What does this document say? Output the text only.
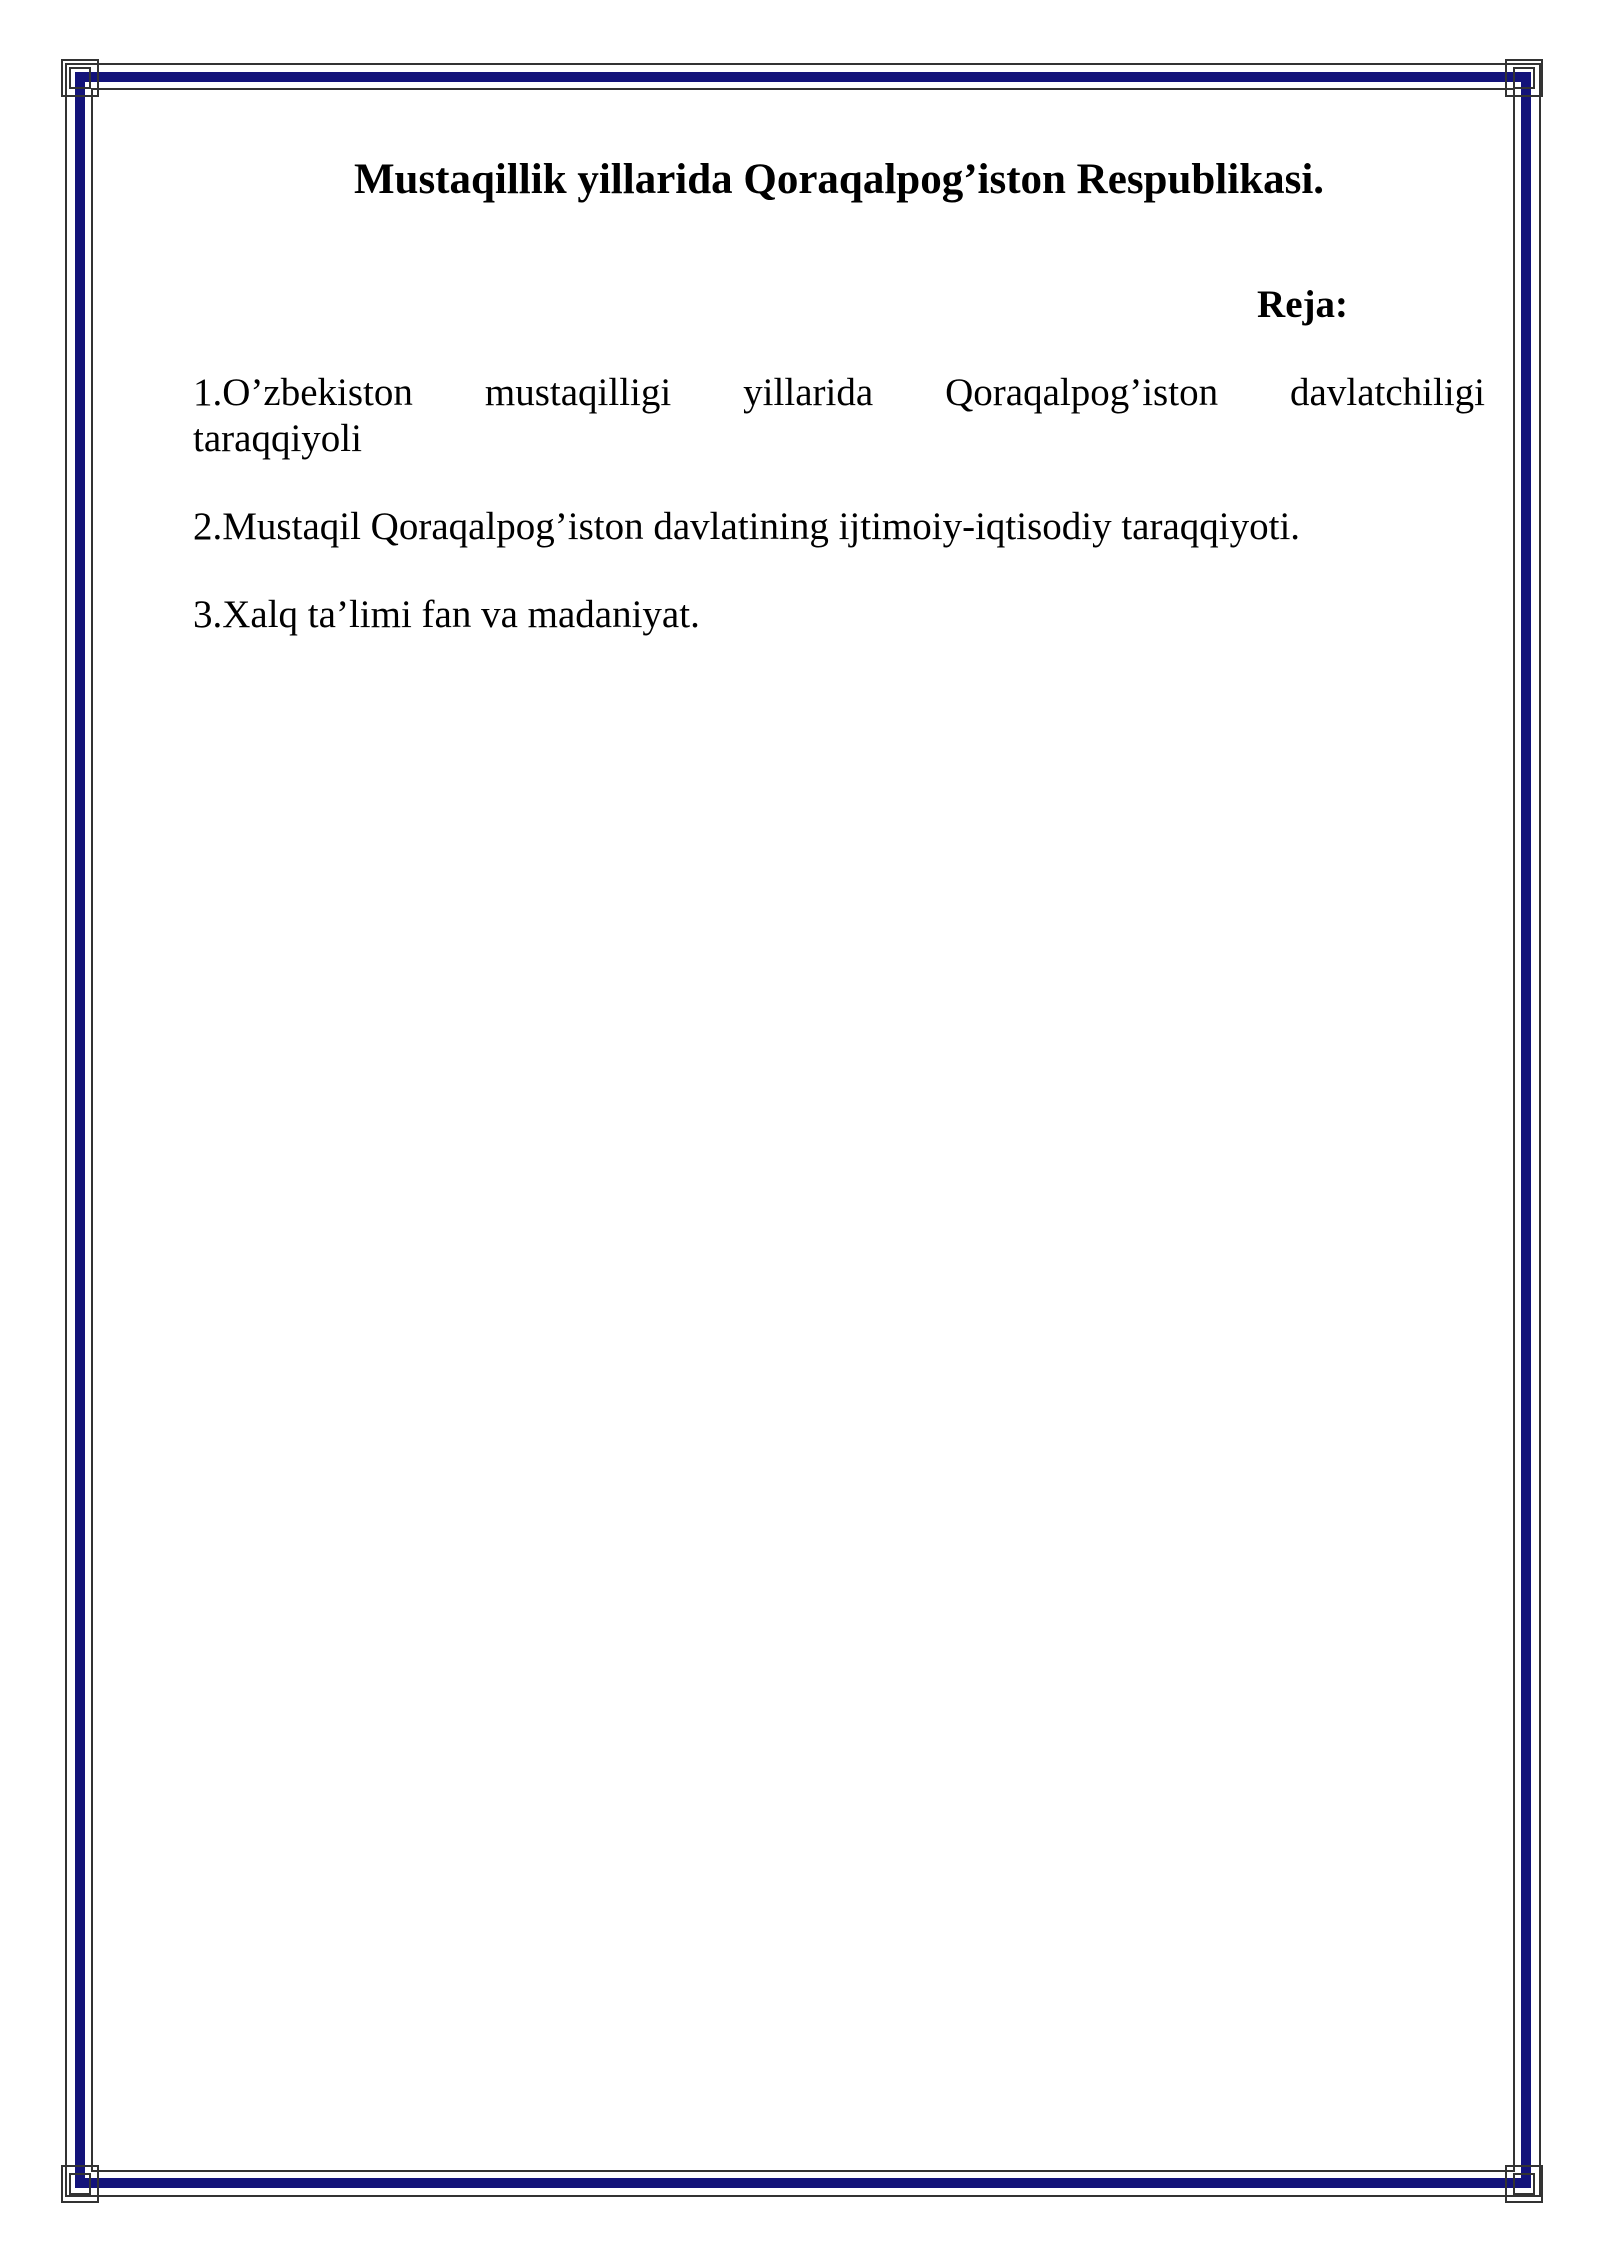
Mustaqillik yillarida Qoraqalpog’iston Respublikasi.
Reja:
1.O’zbekiston mustaqilligi yillarida Qoraqalpog’iston davlatchiligi
taraqqiyoli
2.Mustaqil Qoraqalpog’iston davlatining ijtimoiy-iqtisodiy taraqqiyoti.
3.Xalq ta’limi fan va madaniyat.
